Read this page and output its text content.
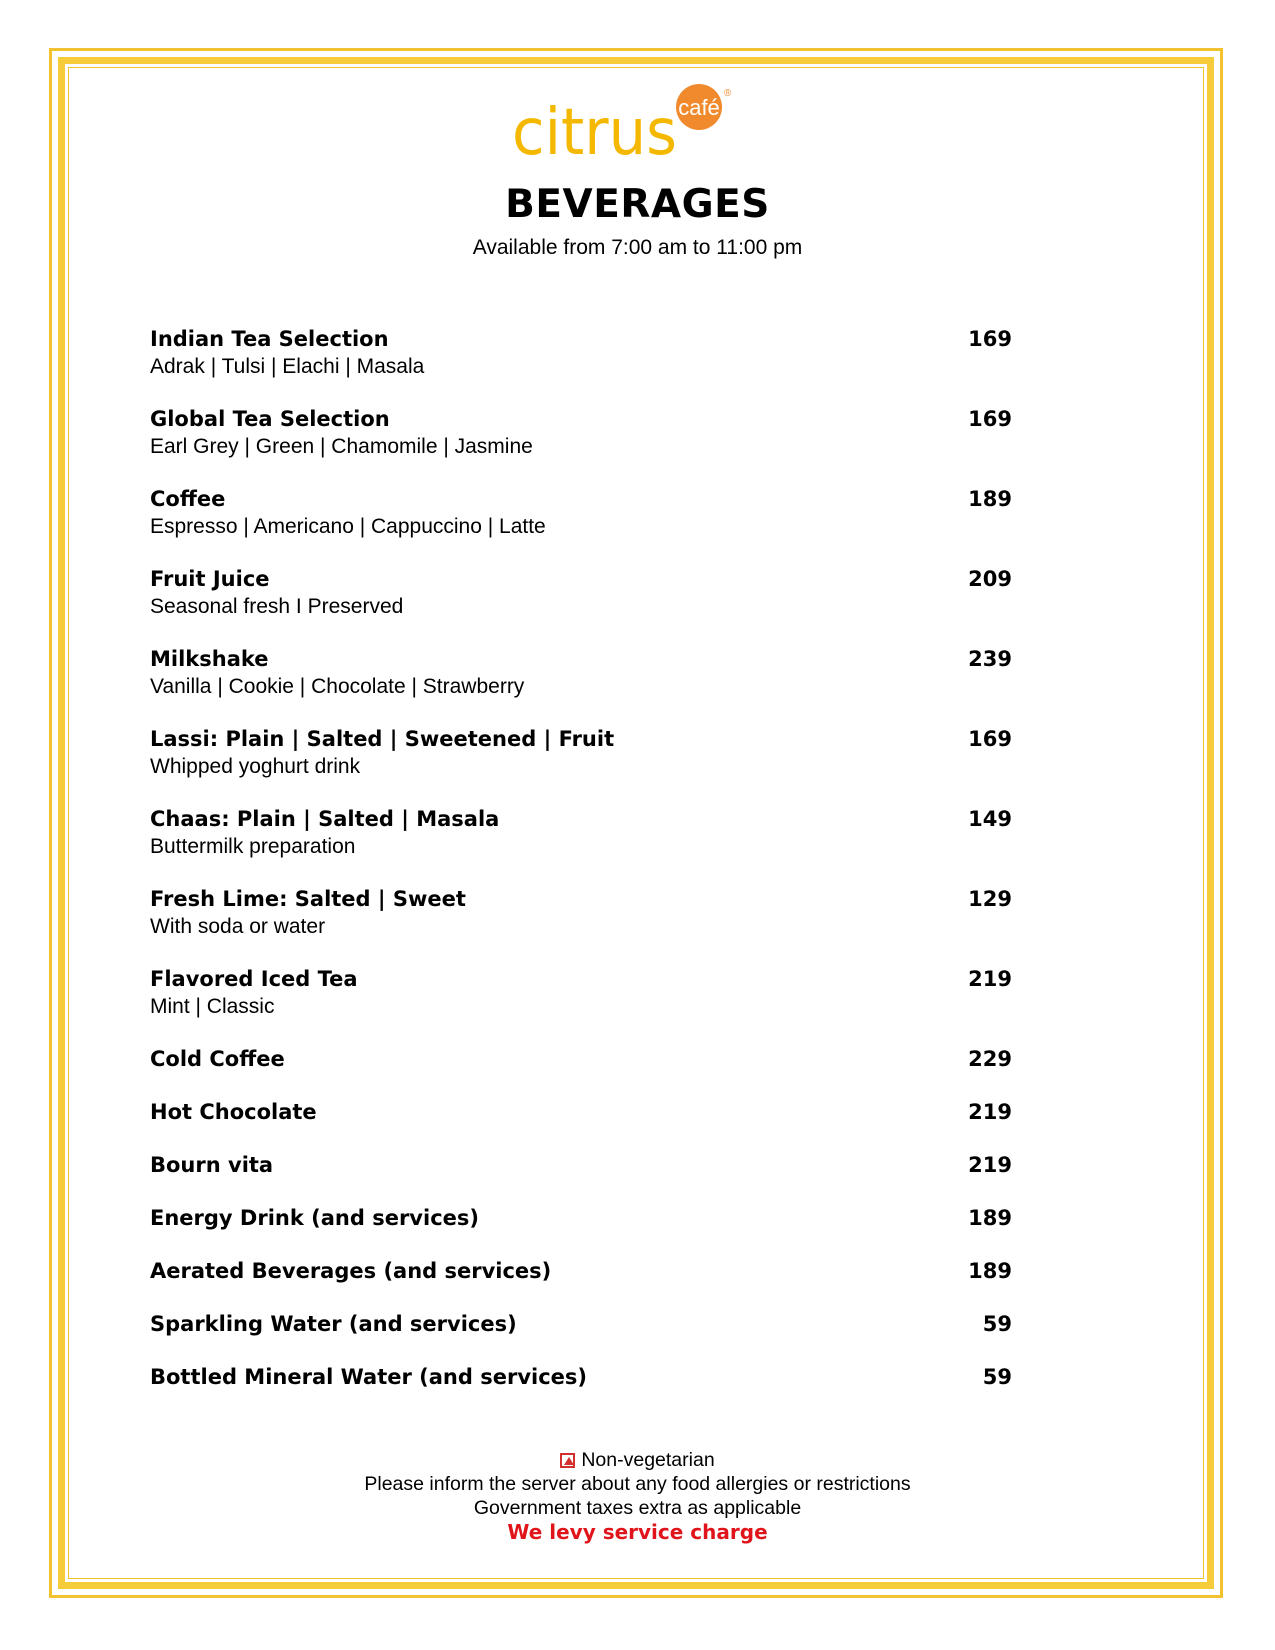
café
®
citrus
BEVERAGES
Available from 7:00 am to 11:00 pm
Indian Tea Selection	169
Adrak | Tulsi | Elachi | Masala
Global Tea Selection	169
Earl Grey | Green | Chamomile | Jasmine
Coffee	189
Espresso | Americano | Cappuccino | Latte
Fruit Juice	209
Seasonal fresh I Preserved
Milkshake	239
Vanilla | Cookie | Chocolate | Strawberry
Lassi: Plain | Salted | Sweetened | Fruit	169
Whipped yoghurt drink
Chaas: Plain | Salted | Masala	149
Buttermilk preparation
Fresh Lime: Salted | Sweet	129
With soda or water
Flavored Iced Tea	219
Mint | Classic
Cold Coffee	229
Hot Chocolate	219
Bourn vita	219
Energy Drink (and services)	189
Aerated Beverages (and services)	189
Sparkling Water (and services)	59
Bottled Mineral Water (and services)	59
Non-vegetarian
Please inform the server about any food allergies or restrictions
Government taxes extra as applicable
We levy service charge
